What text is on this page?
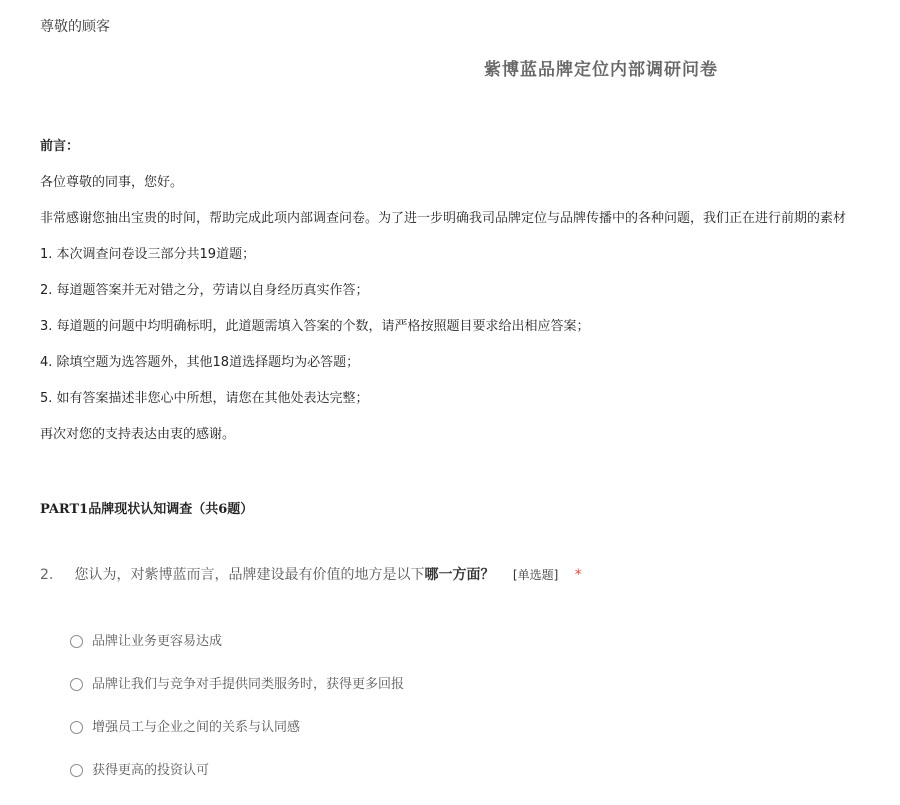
尊敬的顾客
紫博蓝品牌定位内部调研问卷
前言：
各位尊敬的同事，您好。
非常感谢您抽出宝贵的时间，帮助完成此项内部调查问卷。为了进一步明确我司品牌定位与品牌传播中的各种问题，我们正在进行前期的素材
1. 本次调查问卷设三部分共19道题；
2. 每道题答案并无对错之分，劳请以自身经历真实作答；
3. 每道题的问题中均明确标明，此道题需填入答案的个数，请严格按照题目要求给出相应答案；
4. 除填空题为选答题外，其他18道选择题均为必答题；
5. 如有答案描述非您心中所想，请您在其他处表达完整；
再次对您的支持表达由衷的感谢。
PART1品牌现状认知调查（共6题）
2. 您认为，对紫博蓝而言，品牌建设最有价值的地方是以下哪一方面？ [单选题] *
品牌让业务更容易达成
品牌让我们与竞争对手提供同类服务时，获得更多回报
增强员工与企业之间的关系与认同感
获得更高的投资认可
